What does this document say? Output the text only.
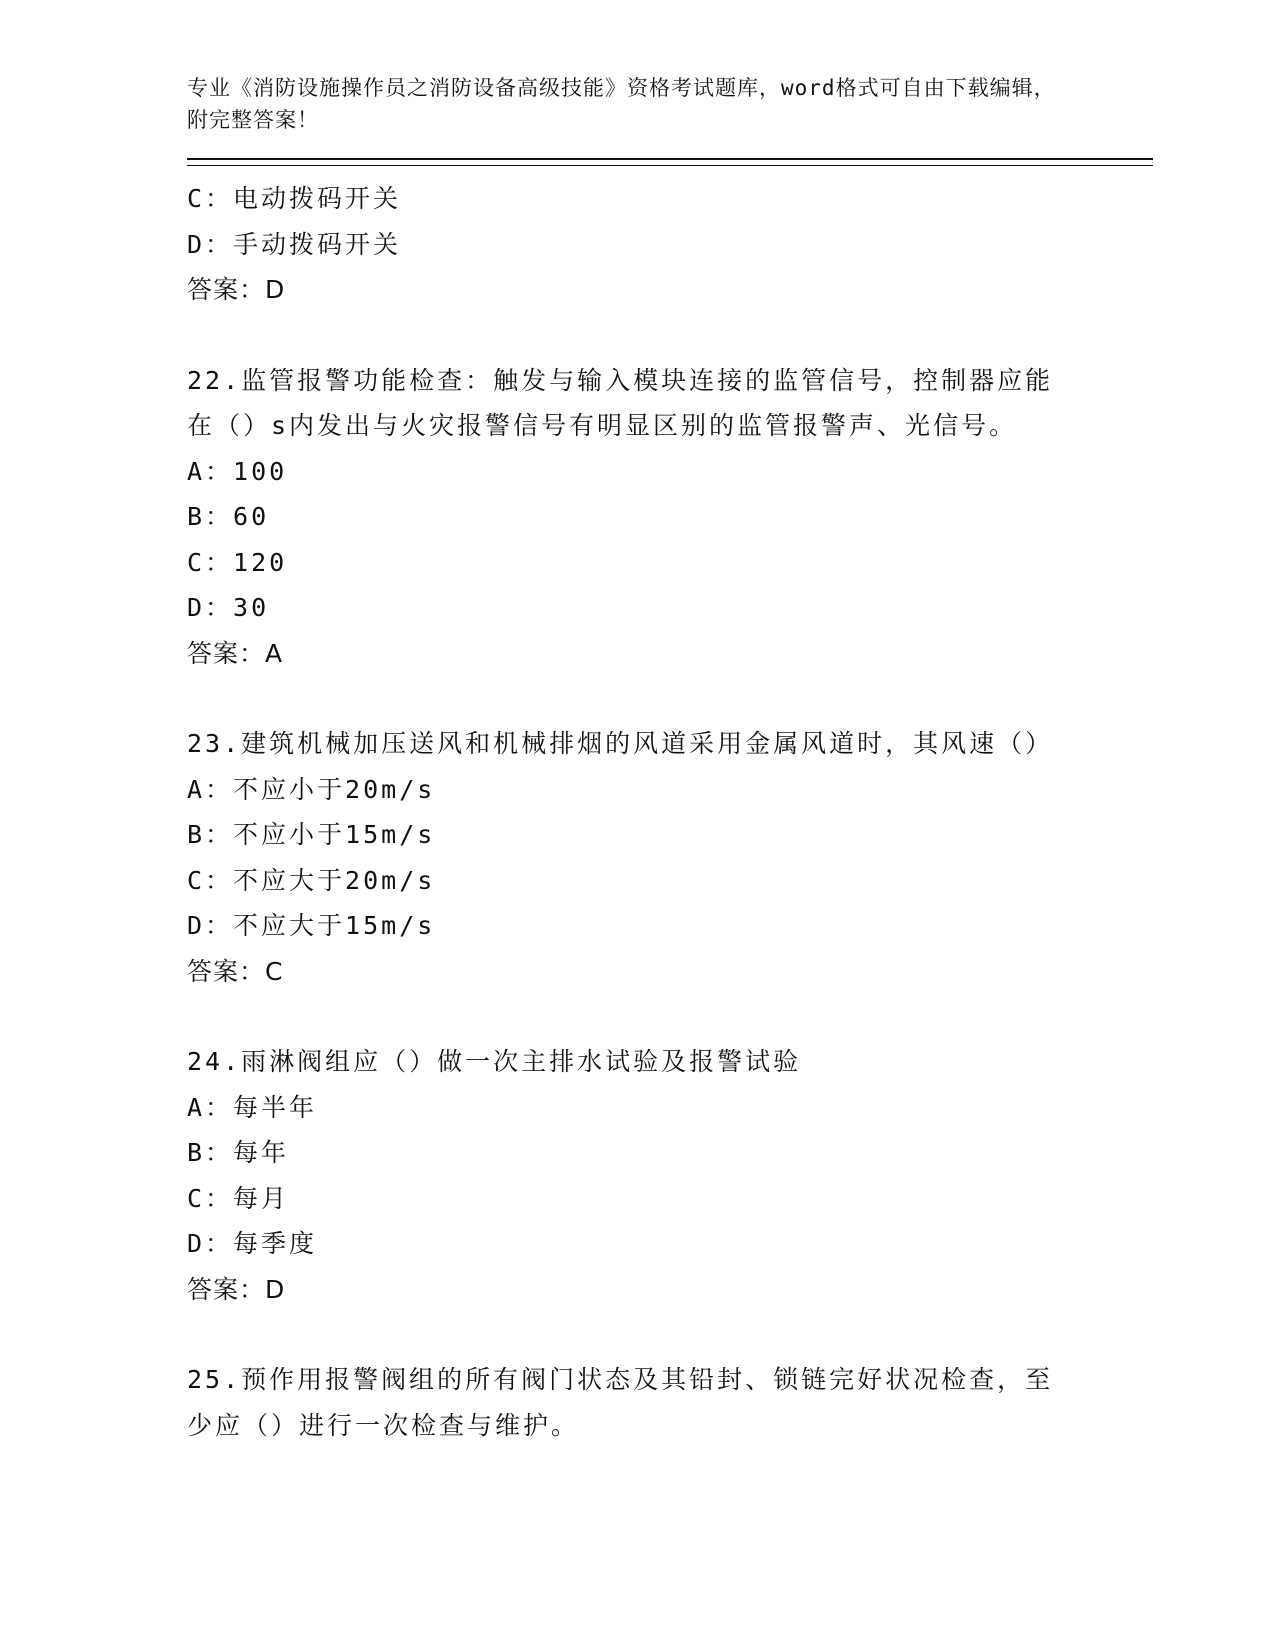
专业《消防设施操作员之消防设备高级技能》资格考试题库，word格式可自由下载编辑，附完整答案！

C：电动拨码开关
D：手动拨码开关
答案：D
22.监管报警功能检查：触发与输入模块连接的监管信号，控制器应能
在（）s内发出与火灾报警信号有明显区别的监管报警声、光信号。
A：100
B：60
C：120
D：30
答案：A
23.建筑机械加压送风和机械排烟的风道采用金属风道时，其风速（）
A：不应小于20m/s
B：不应小于15m/s
C：不应大于20m/s
D：不应大于15m/s
答案：C
24.雨淋阀组应（）做一次主排水试验及报警试验
A：每半年
B：每年
C：每月
D：每季度
答案：D
25.预作用报警阀组的所有阀门状态及其铅封、锁链完好状况检查，至
少应（）进行一次检查与维护。
